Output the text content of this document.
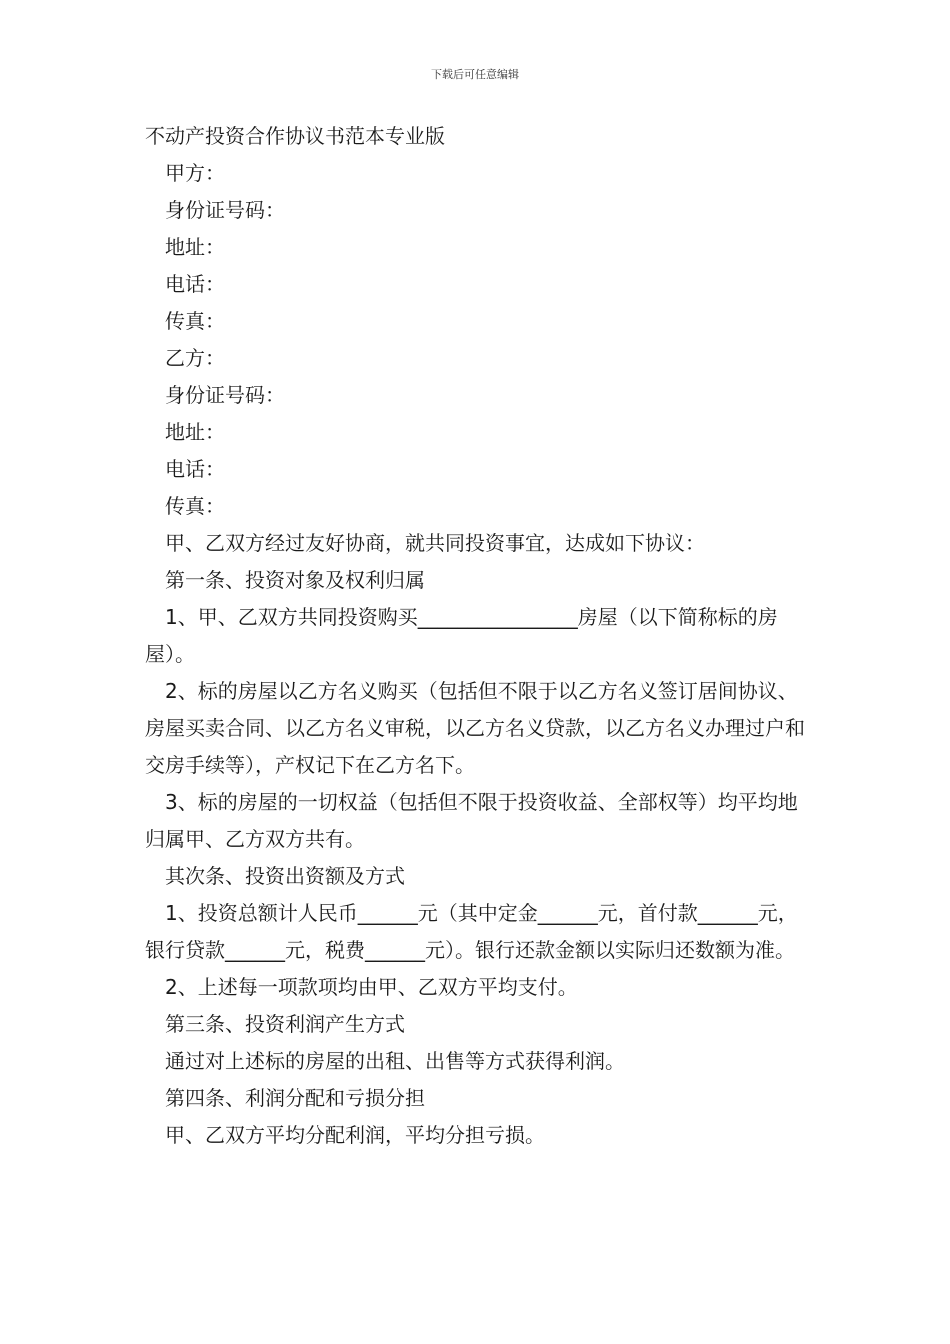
下载后可任意编辑

不动产投资合作协议书范本专业版

甲方：

身份证号码：

地址：

电话：

传真：

乙方：

身份证号码：

地址：

电话：

传真：

甲、乙双方经过友好协商，就共同投资事宜，达成如下协议：

第一条、投资对象及权利归属

1、甲、乙双方共同投资购买________________房屋（以下简称标的房屋）。

2、标的房屋以乙方名义购买（包括但不限于以乙方名义签订居间协议、房屋买卖合同、以乙方名义审税，以乙方名义贷款，以乙方名义办理过户和交房手续等），产权记下在乙方名下。

3、标的房屋的一切权益（包括但不限于投资收益、全部权等）均平均地归属甲、乙方双方共有。

其次条、投资出资额及方式

1、投资总额计人民币______元（其中定金______元，首付款______元，银行贷款______元，税费______元）。银行还款金额以实际归还数额为准。

2、上述每一项款项均由甲、乙双方平均支付。

第三条、投资利润产生方式

通过对上述标的房屋的出租、出售等方式获得利润。

第四条、利润分配和亏损分担

甲、乙双方平均分配利润，平均分担亏损。
